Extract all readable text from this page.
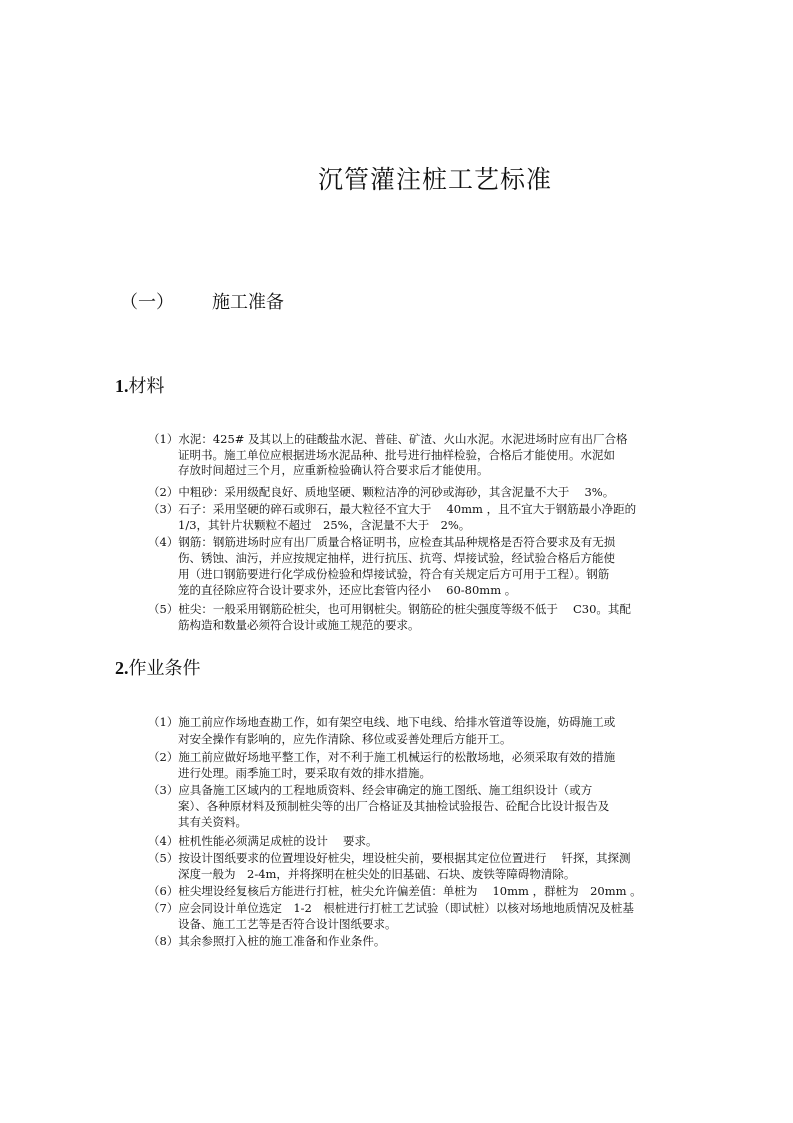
沉管灌注桩工艺标准
（一） 施工准备
1.材料
（1）水泥：425# 及其以上的硅酸盐水泥、普硅、矿渣、火山水泥。水泥进场时应有出厂合格
证明书。施工单位应根据进场水泥品种、批号进行抽样检验，合格后才能使用。水泥如
存放时间超过三个月，应重新检验确认符合要求后才能使用。
（2）中粗砂：采用级配良好、质地坚硬、颗粒洁净的河砂或海砂，其含泥量不大于　 3%。
（3）石子：采用坚硬的碎石或卵石，最大粒径不宜大于　 40mm ，且不宜大于钢筋最小净距的
1/3，其针片状颗粒不超过　25%，含泥量不大于　2%。
（4）钢筋：钢筋进场时应有出厂质量合格证明书，应检查其品种规格是否符合要求及有无损
伤、锈蚀、油污，并应按规定抽样，进行抗压、抗弯、焊接试验，经试验合格后方能使
用（进口钢筋要进行化学成份检验和焊接试验，符合有关规定后方可用于工程）。钢筋
笼的直径除应符合设计要求外，还应比套管内径小　 60-80mm 。
（5）桩尖：一般采用钢筋砼桩尖，也可用钢桩尖。钢筋砼的桩尖强度等级不低于　 C30。其配
筋构造和数量必须符合设计或施工规范的要求。
2.作业条件
（1）施工前应作场地查勘工作，如有架空电线、地下电线、给排水管道等设施，妨碍施工或
对安全操作有影响的，应先作清除、移位或妥善处理后方能开工。
（2）施工前应做好场地平整工作，对不利于施工机械运行的松散场地，必须采取有效的措施
进行处理。雨季施工时，要采取有效的排水措施。
（3）应具备施工区域内的工程地质资料、经会审确定的施工图纸、施工组织设计（或方
案）、各种原材料及预制桩尖等的出厂合格证及其抽检试验报告、砼配合比设计报告及
其有关资料。
（4）桩机性能必须满足成桩的设计　 要求。
（5）按设计图纸要求的位置埋设好桩尖，埋设桩尖前，要根据其定位位置进行　 钎探，其探测
深度一般为　2-4m，并将探明在桩尖处的旧基础、石块、废铁等障碍物清除。
（6）桩尖埋设经复核后方能进行打桩，桩尖允许偏差值：单桩为　 10mm ，群桩为　20mm 。
（7）应会同设计单位选定　1-2　根桩进行打桩工艺试验（即试桩）以核对场地地质情况及桩基
设备、施工工艺等是否符合设计图纸要求。
（8）其余参照打入桩的施工准备和作业条件。
